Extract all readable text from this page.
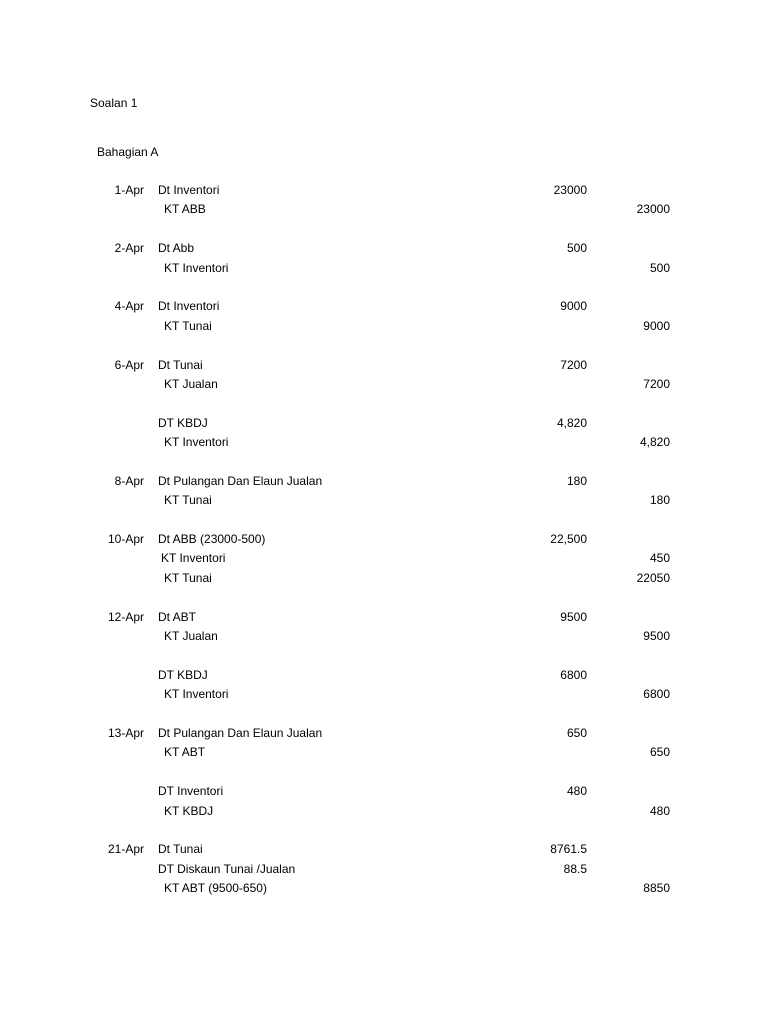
Soalan 1
Bahagian A
1-Apr Dt Inventori	23000
KT ABB	23000
2-Apr Dt Abb	500
KT Inventori	500
4-Apr Dt Inventori	9000
KT Tunai	9000
6-Apr Dt Tunai	7200
KT Jualan	7200
DT KBDJ	4,820
KT Inventori	4,820
8-Apr Dt Pulangan Dan Elaun Jualan	180
KT Tunai	180
10-Apr Dt ABB (23000-500)	22,500
KT Inventori	450
KT Tunai	22050
12-Apr Dt ABT	9500
KT Jualan	9500
DT KBDJ	6800
KT Inventori	6800
13-Apr Dt Pulangan Dan Elaun Jualan	650
KT ABT	650
DT Inventori	480
KT KBDJ	480
21-Apr Dt Tunai	8761.5
DT Diskaun Tunai /Jualan	88.5
KT ABT (9500-650)	8850
